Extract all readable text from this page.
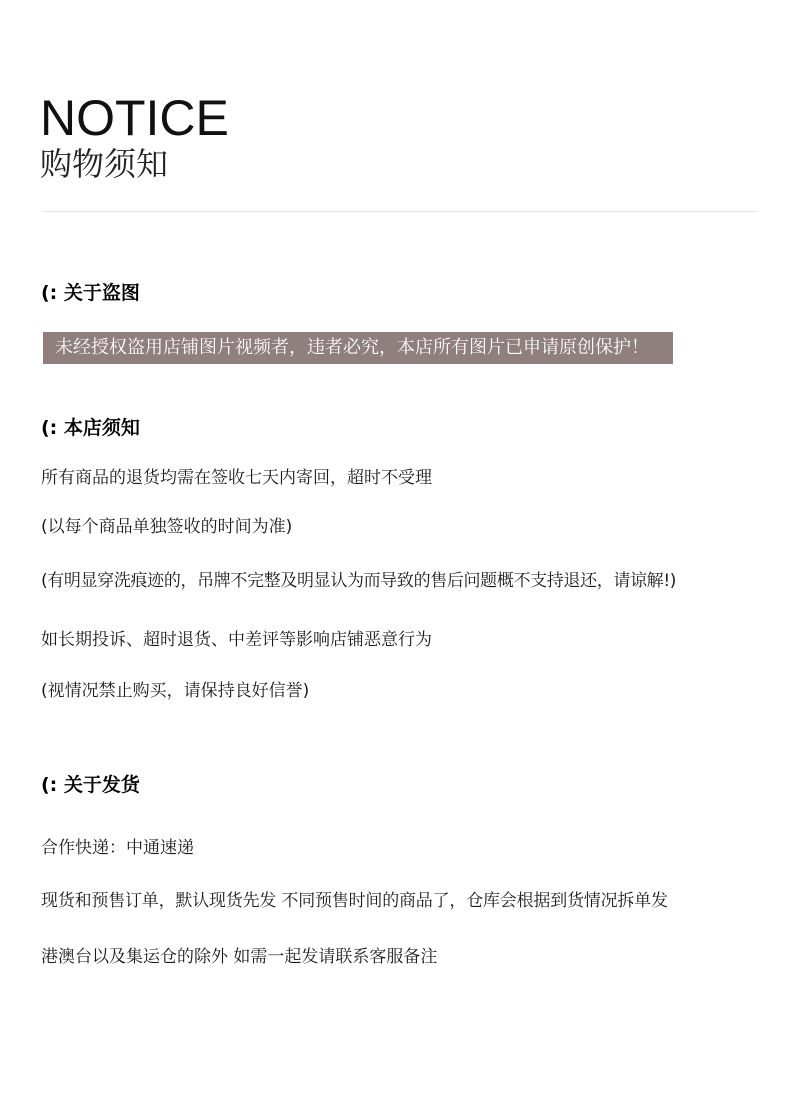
NOTICE
购物须知
(: 关于盗图
未经授权盗用店铺图片视频者，违者必究，本店所有图片已申请原创保护！
(: 本店须知
所有商品的退货均需在签收七天内寄回，超时不受理
(以每个商品单独签收的时间为准)
(有明显穿洗痕迹的，吊牌不完整及明显认为而导致的售后问题概不支持退还，请谅解!)
如长期投诉、超时退货、中差评等影响店铺恶意行为
(视情况禁止购买，请保持良好信誉)
(: 关于发货
合作快递：中通速递
现货和预售订单，默认现货先发 不同预售时间的商品了，仓库会根据到货情况拆单发
港澳台以及集运仓的除外 如需一起发请联系客服备注
